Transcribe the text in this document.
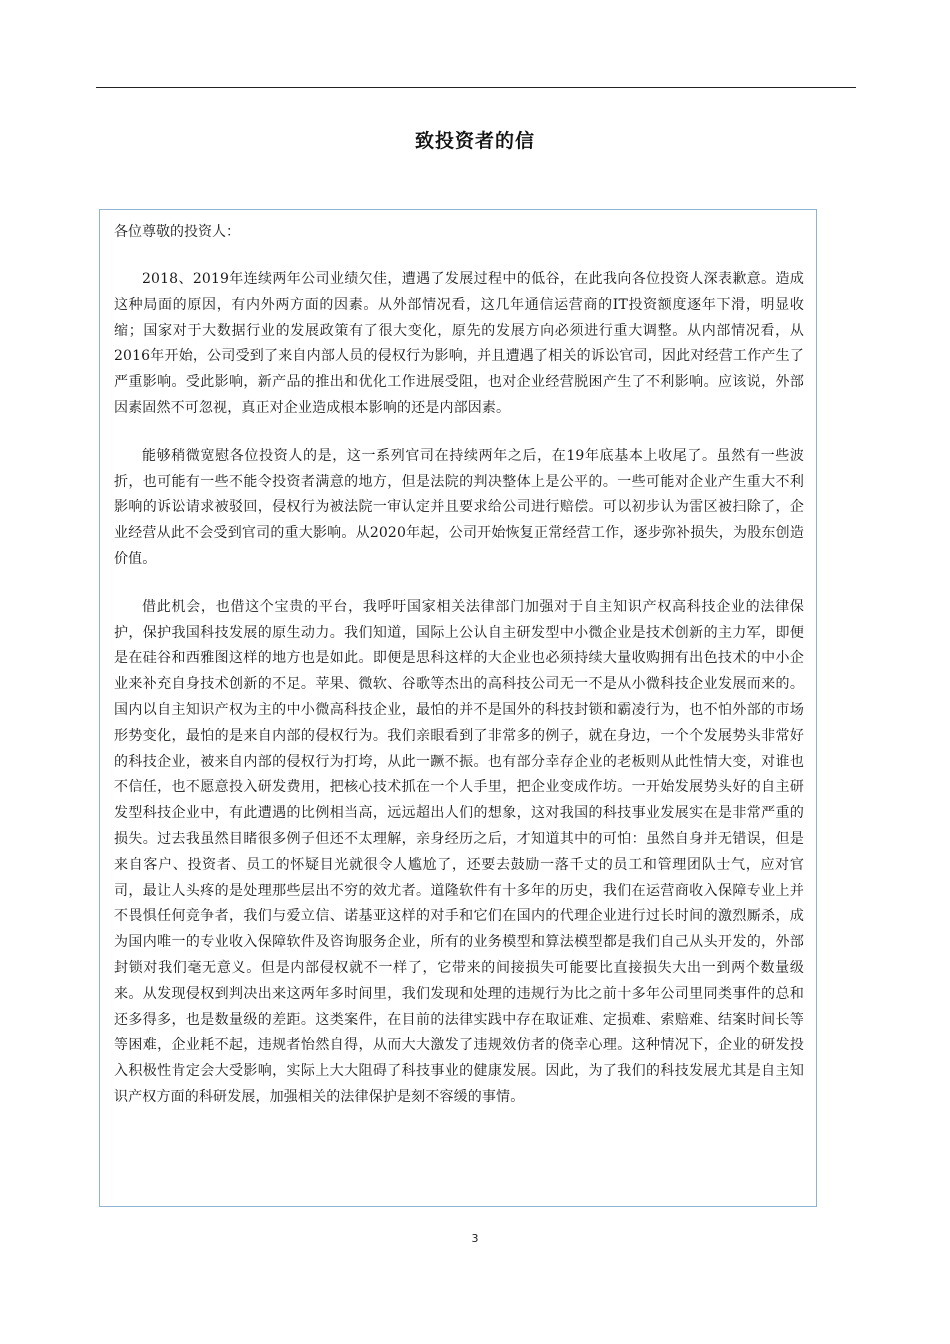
致投资者的信

各位尊敬的投资人：

2018、2019年连续两年公司业绩欠佳，遭遇了发展过程中的低谷，在此我向各位投资人深表歉意。造成这种局面的原因，有内外两方面的因素。从外部情况看，这几年通信运营商的IT投资额度逐年下滑，明显收缩；国家对于大数据行业的发展政策有了很大变化，原先的发展方向必须进行重大调整。从内部情况看，从2016年开始，公司受到了来自内部人员的侵权行为影响，并且遭遇了相关的诉讼官司，因此对经营工作产生了严重影响。受此影响，新产品的推出和优化工作进展受阻，也对企业经营脱困产生了不利影响。应该说，外部因素固然不可忽视，真正对企业造成根本影响的还是内部因素。

能够稍微宽慰各位投资人的是，这一系列官司在持续两年之后，在19年底基本上收尾了。虽然有一些波折，也可能有一些不能令投资者满意的地方，但是法院的判决整体上是公平的。一些可能对企业产生重大不利影响的诉讼请求被驳回，侵权行为被法院一审认定并且要求给公司进行赔偿。可以初步认为雷区被扫除了，企业经营从此不会受到官司的重大影响。从2020年起，公司开始恢复正常经营工作，逐步弥补损失，为股东创造价值。

借此机会，也借这个宝贵的平台，我呼吁国家相关法律部门加强对于自主知识产权高科技企业的法律保护，保护我国科技发展的原生动力。我们知道，国际上公认自主研发型中小微企业是技术创新的主力军，即便是在硅谷和西雅图这样的地方也是如此。即便是思科这样的大企业也必须持续大量收购拥有出色技术的中小企业来补充自身技术创新的不足。苹果、微软、谷歌等杰出的高科技公司无一不是从小微科技企业发展而来的。国内以自主知识产权为主的中小微高科技企业，最怕的并不是国外的科技封锁和霸凌行为，也不怕外部的市场形势变化，最怕的是来自内部的侵权行为。我们亲眼看到了非常多的例子，就在身边，一个个发展势头非常好的科技企业，被来自内部的侵权行为打垮，从此一蹶不振。也有部分幸存企业的老板则从此性情大变，对谁也不信任，也不愿意投入研发费用，把核心技术抓在一个人手里，把企业变成作坊。一开始发展势头好的自主研发型科技企业中，有此遭遇的比例相当高，远远超出人们的想象，这对我国的科技事业发展实在是非常严重的损失。过去我虽然目睹很多例子但还不太理解，亲身经历之后，才知道其中的可怕：虽然自身并无错误，但是来自客户、投资者、员工的怀疑目光就很令人尴尬了，还要去鼓励一落千丈的员工和管理团队士气，应对官司，最让人头疼的是处理那些层出不穷的效尤者。道隆软件有十多年的历史，我们在运营商收入保障专业上并不畏惧任何竞争者，我们与爱立信、诺基亚这样的对手和它们在国内的代理企业进行过长时间的激烈厮杀，成为国内唯一的专业收入保障软件及咨询服务企业，所有的业务模型和算法模型都是我们自己从头开发的，外部封锁对我们毫无意义。但是内部侵权就不一样了，它带来的间接损失可能要比直接损失大出一到两个数量级来。从发现侵权到判决出来这两年多时间里，我们发现和处理的违规行为比之前十多年公司里同类事件的总和还多得多，也是数量级的差距。这类案件，在目前的法律实践中存在取证难、定损难、索赔难、结案时间长等等困难，企业耗不起，违规者怡然自得，从而大大激发了违规效仿者的侥幸心理。这种情况下，企业的研发投入积极性肯定会大受影响，实际上大大阻碍了科技事业的健康发展。因此，为了我们的科技发展尤其是自主知识产权方面的科研发展，加强相关的法律保护是刻不容缓的事情。

3
